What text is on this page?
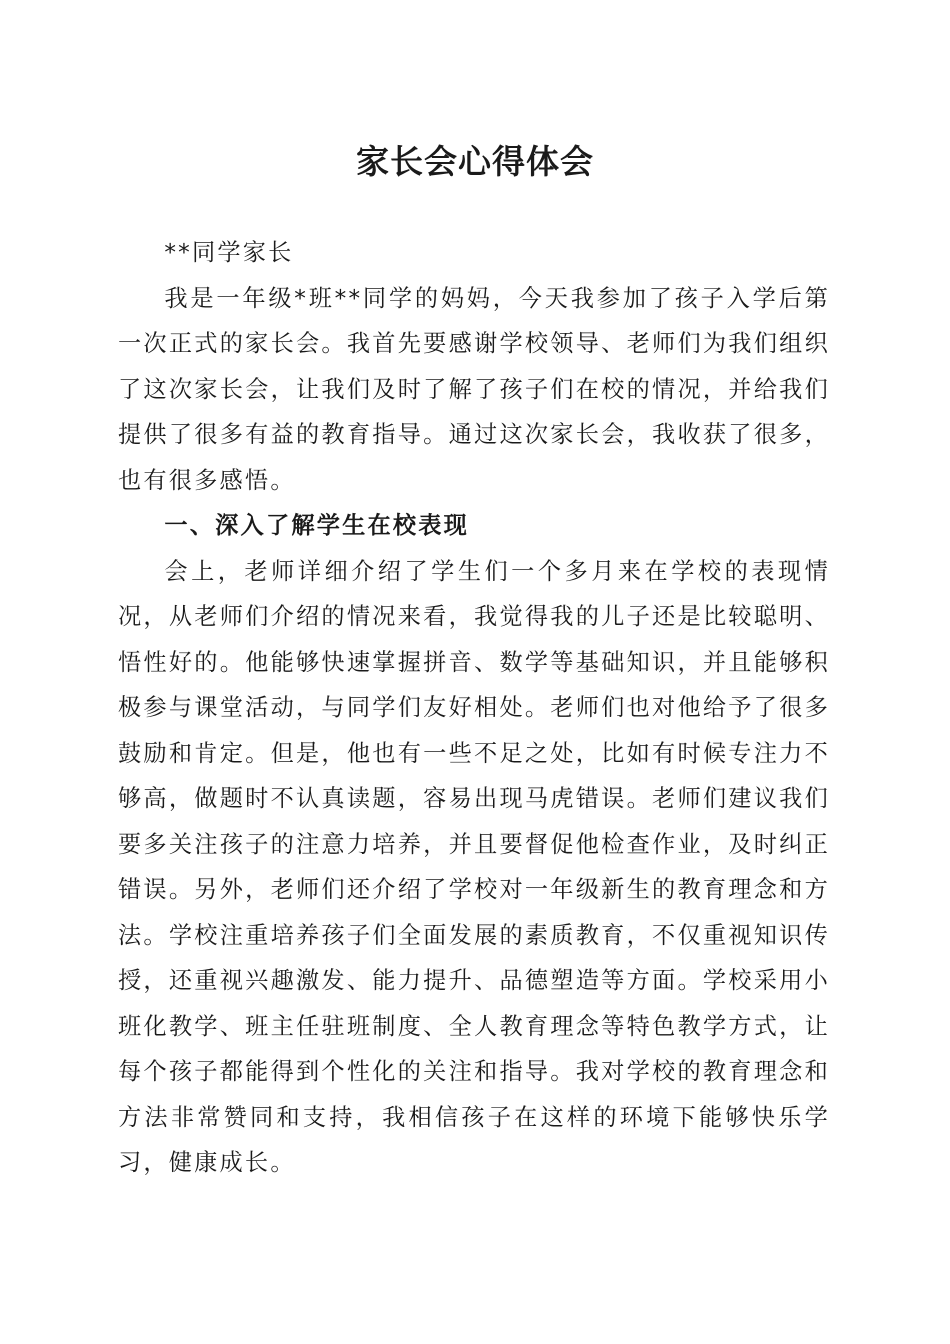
家长会心得体会

**同学家长

我是一年级*班**同学的妈妈，今天我参加了孩子入学后第一次正式的家长会。我首先要感谢学校领导、老师们为我们组织了这次家长会，让我们及时了解了孩子们在校的情况，并给我们提供了很多有益的教育指导。通过这次家长会，我收获了很多，也有很多感悟。

一、深入了解学生在校表现

会上，老师详细介绍了学生们一个多月来在学校的表现情况，从老师们介绍的情况来看，我觉得我的儿子还是比较聪明、悟性好的。他能够快速掌握拼音、数学等基础知识，并且能够积极参与课堂活动，与同学们友好相处。老师们也对他给予了很多鼓励和肯定。但是，他也有一些不足之处，比如有时候专注力不够高，做题时不认真读题，容易出现马虎错误。老师们建议我们要多关注孩子的注意力培养，并且要督促他检查作业，及时纠正错误。另外，老师们还介绍了学校对一年级新生的教育理念和方法。学校注重培养孩子们全面发展的素质教育，不仅重视知识传授，还重视兴趣激发、能力提升、品德塑造等方面。学校采用小班化教学、班主任驻班制度、全人教育理念等特色教学方式，让每个孩子都能得到个性化的关注和指导。我对学校的教育理念和方法非常赞同和支持，我相信孩子在这样的环境下能够快乐学习，健康成长。
